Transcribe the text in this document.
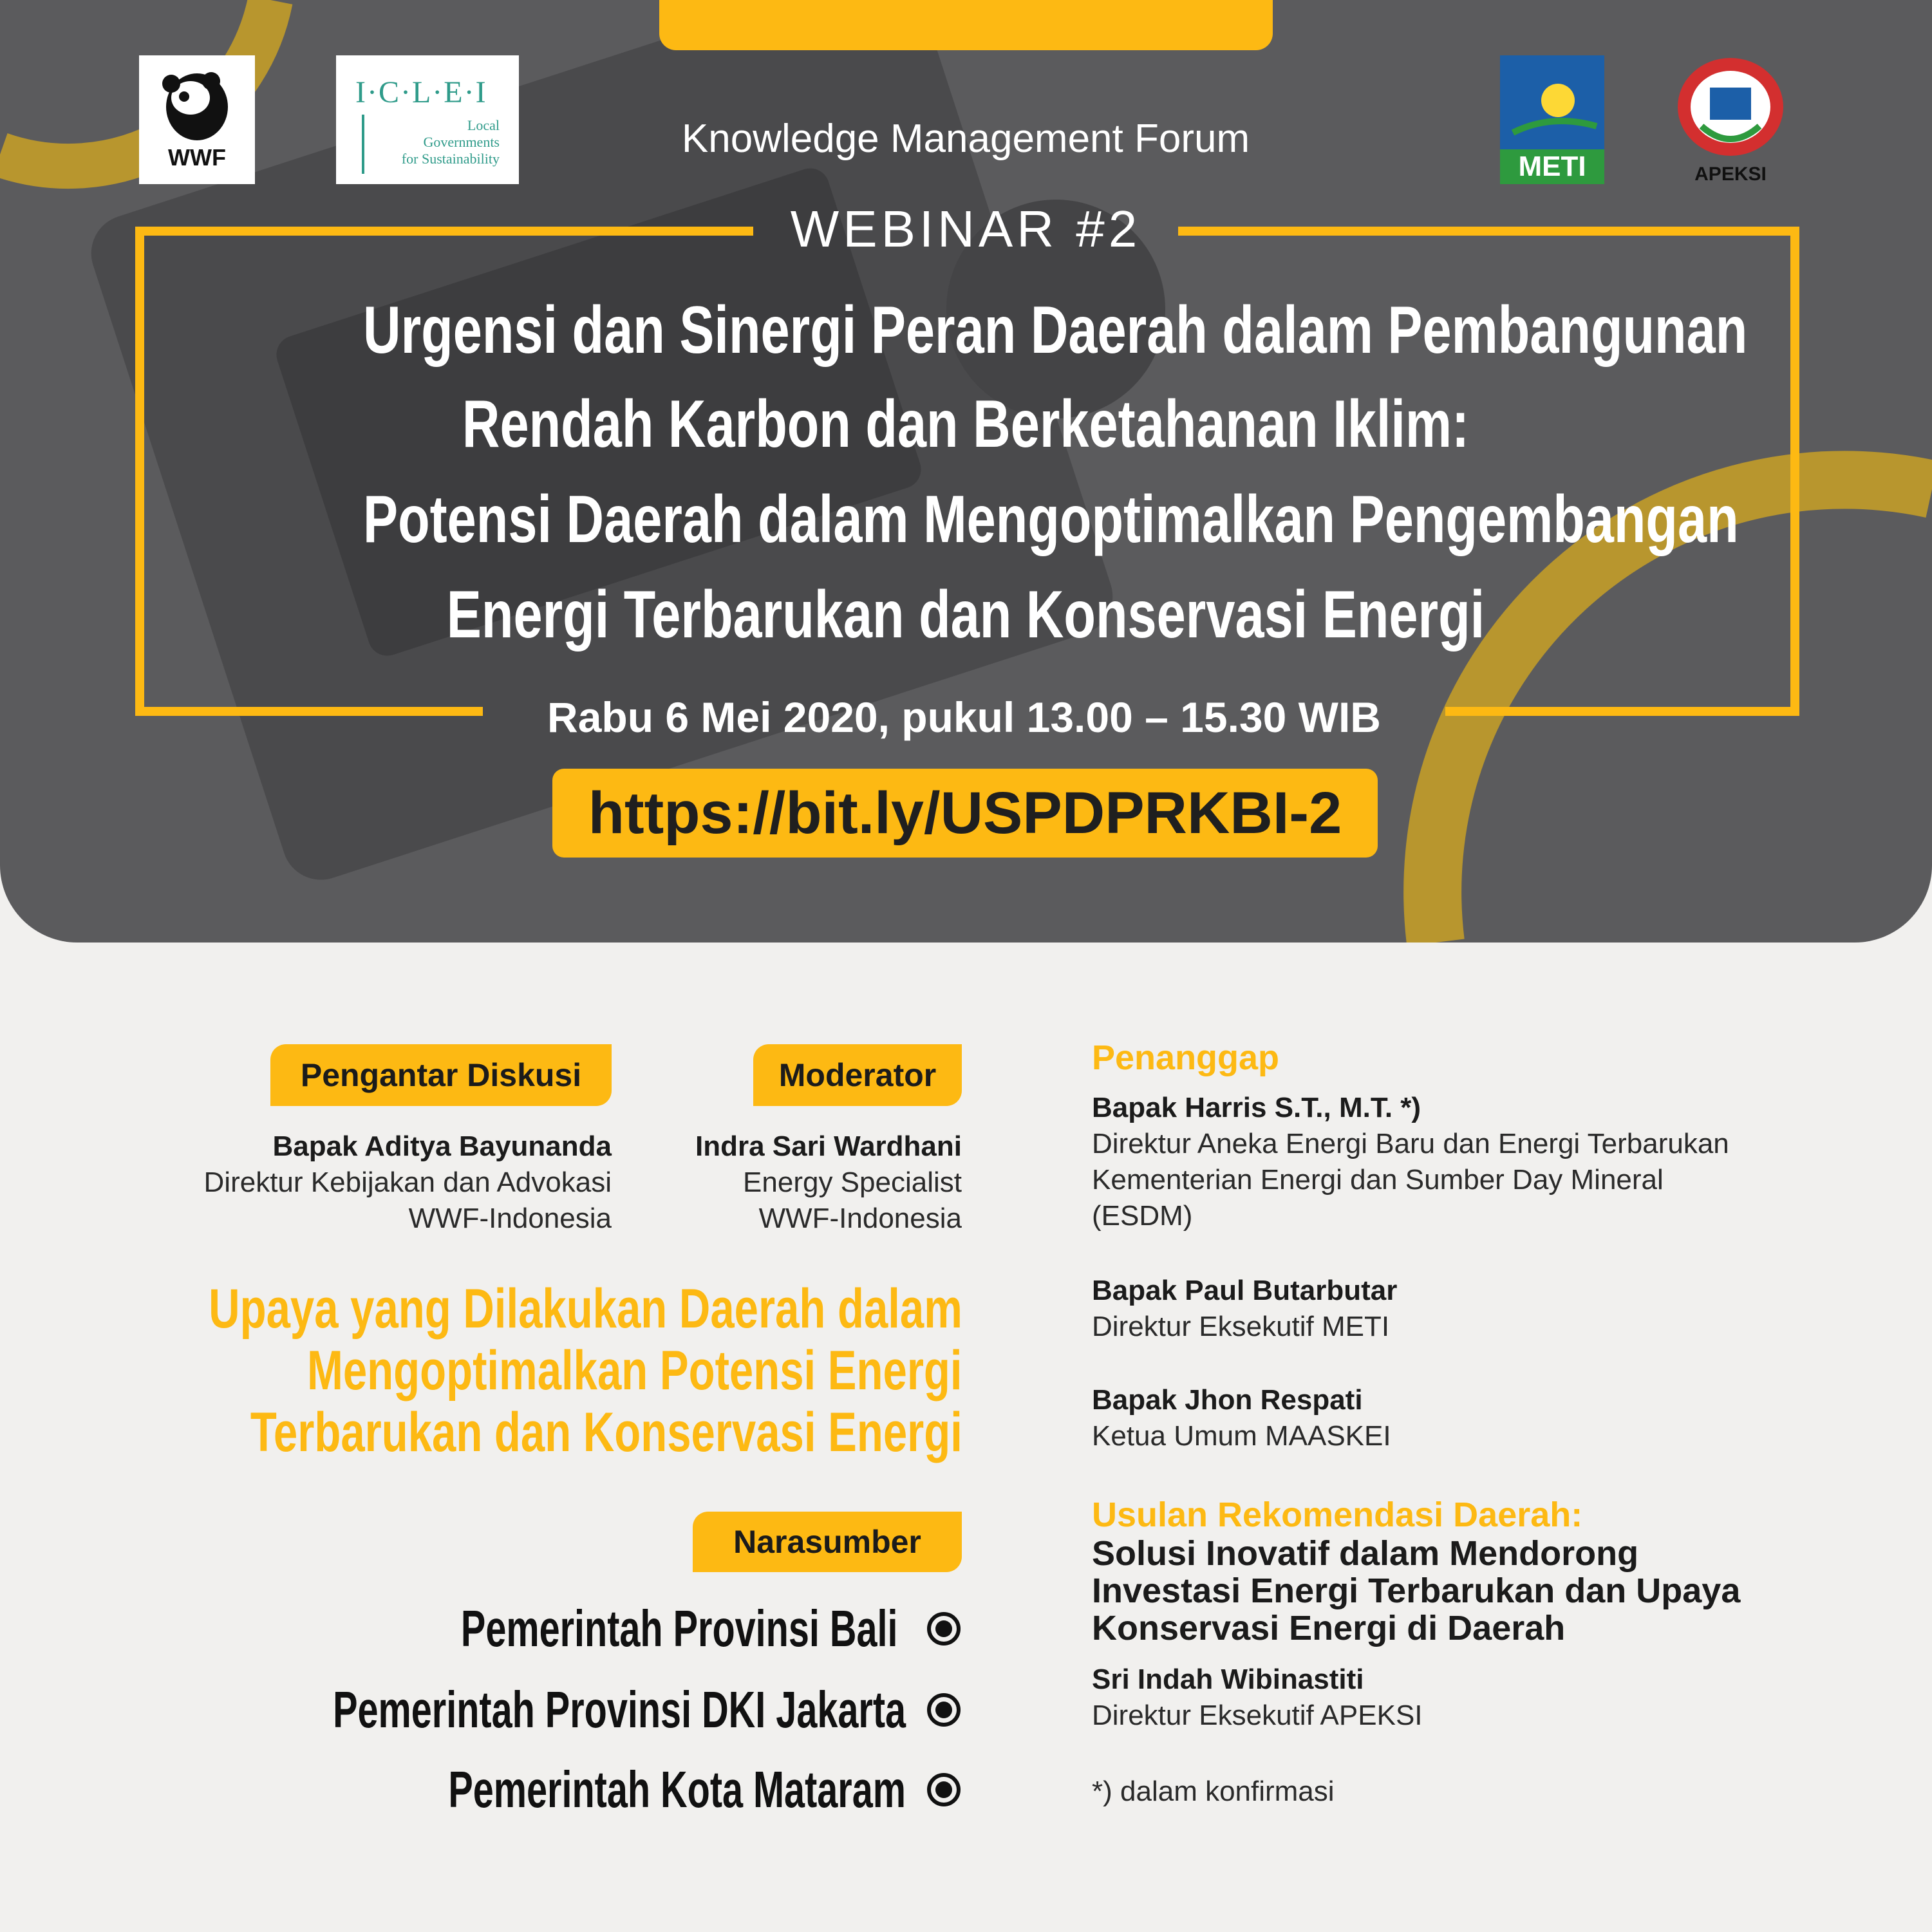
WWF
I·C·L·E·I
Local
Governments
for Sustainability	METI	APEKSI
Knowledge Management Forum
WEBINAR #2
Urgensi dan Sinergi Peran Daerah dalam Pembangunan
Rendah Karbon dan Berketahanan Iklim:
Potensi Daerah dalam Mengoptimalkan Pengembangan
Energi Terbarukan dan Konservasi Energi
Rabu 6 Mei 2020, pukul 13.00 – 15.30 WIB
https://bit.ly/USPDPRKBI-2
Pengantar Diskusi
Bapak Aditya Bayunanda
Direktur Kebijakan dan Advokasi
WWF-Indonesia
Moderator
Indra Sari Wardhani
Energy Specialist
WWF-Indonesia
Upaya yang Dilakukan Daerah dalam
Mengoptimalkan Potensi Energi
Terbarukan dan Konservasi Energi
Narasumber
Pemerintah Provinsi Bali
Pemerintah Provinsi DKI Jakarta
Pemerintah Kota Mataram
Penanggap
Bapak Harris S.T., M.T. *)
Direktur Aneka Energi Baru dan Energi Terbarukan
Kementerian Energi dan Sumber Day Mineral
(ESDM)
Bapak Paul Butarbutar
Direktur Eksekutif METI
Bapak Jhon Respati
Ketua Umum MAASKEI
Usulan Rekomendasi Daerah:
Solusi Inovatif dalam Mendorong
Investasi Energi Terbarukan dan Upaya
Konservasi Energi di Daerah
Sri Indah Wibinastiti
Direktur Eksekutif APEKSI
*) dalam konfirmasi
